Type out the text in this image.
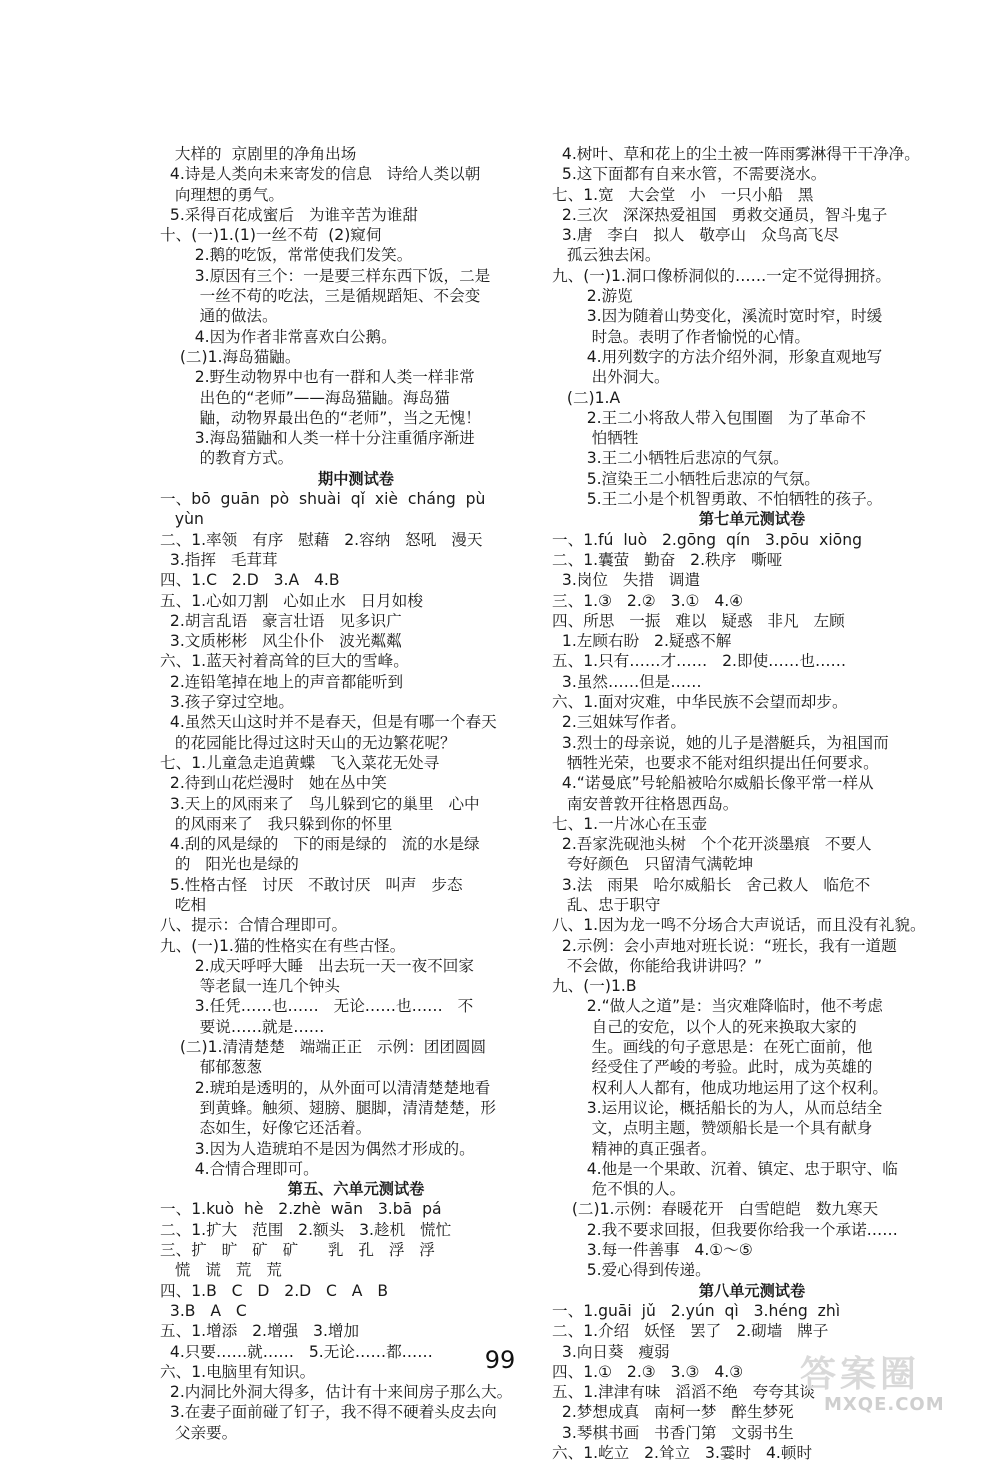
大样的  京剧里的净角出场
4.诗是人类向未来寄发的信息   诗给人类以朝
向理想的勇气。
5.采得百花成蜜后   为谁辛苦为谁甜
十、(一)1.(1)一丝不苟  (2)窥伺
2.鹅的吃饭，常常使我们发笑。
3.原因有三个：一是要三样东西下饭，二是
一丝不苟的吃法，三是循规蹈矩、不会变
通的做法。
4.因为作者非常喜欢白公鹅。
(二)1.海岛猫鼬。
2.野生动物界中也有一群和人类一样非常
出色的“老师”——海岛猫鼬。海岛猫
鼬，动物界最出色的“老师”，当之无愧！
3.海岛猫鼬和人类一样十分注重循序渐进
的教育方式。
期中测试卷
一、bō  guān  pò  shuài  qǐ  xiè  cháng  pù
yùn
二、1.率领   有序   慰藉   2.容纳   怒吼   漫天
3.指挥   毛茸茸
四、1.C   2.D   3.A   4.B
五、1.心如刀割   心如止水   日月如梭
2.胡言乱语   豪言壮语   见多识广
3.文质彬彬   风尘仆仆   波光粼粼
六、1.蓝天衬着高耸的巨大的雪峰。
2.连铅笔掉在地上的声音都能听到
3.孩子穿过空地。
4.虽然天山这时并不是春天，但是有哪一个春天
的花园能比得过这时天山的无边繁花呢？
七、1.儿童急走追黄蝶   飞入菜花无处寻
2.待到山花烂漫时   她在丛中笑
3.天上的风雨来了   鸟儿躲到它的巢里   心中
的风雨来了   我只躲到你的怀里
4.刮的风是绿的   下的雨是绿的   流的水是绿
的   阳光也是绿的
5.性格古怪   讨厌   不敢讨厌   叫声   步态
吃相
八、提示：合情合理即可。
九、(一)1.猫的性格实在有些古怪。
2.成天呼呼大睡   出去玩一天一夜不回家
等老鼠一连几个钟头
3.任凭……也……   无论……也……   不
要说……就是……
(二)1.清清楚楚   端端正正   示例：团团圆圆
郁郁葱葱
2.琥珀是透明的，从外面可以清清楚楚地看
到黄蜂。触须、翅膀、腿脚，清清楚楚，形
态如生，好像它还活着。
3.因为人造琥珀不是因为偶然才形成的。
4.合情合理即可。
第五、六单元测试卷
一、1.kuò  hè   2.zhè  wān   3.bā  pá
二、1.扩大   范围   2.额头   3.趁机   慌忙
三、扩   旷   矿   矿      乳   孔   浮   浮
慌   谎   荒   荒
四、1.B   C   D   2.D   C   A   B
3.B   A   C
五、1.增添   2.增强   3.增加
4.只要……就……   5.无论……都……
六、1.电脑里有知识。
2.内洞比外洞大得多，估计有十来间房子那么大。
3.在妻子面前碰了钉子，我不得不硬着头皮去向
父亲要。
4.树叶、草和花上的尘土被一阵雨雾淋得干干净净。
5.这下面都有自来水管，不需要浇水。
七、1.宽   大会堂   小   一只小船   黑
2.三次   深深热爱祖国   勇救交通员，智斗鬼子
3.唐   李白   拟人   敬亭山   众鸟高飞尽
孤云独去闲。
九、(一)1.洞口像桥洞似的……一定不觉得拥挤。
2.游览
3.因为随着山势变化，溪流时宽时窄，时缓
时急。表明了作者愉悦的心情。
4.用列数字的方法介绍外洞，形象直观地写
出外洞大。
(二)1.A
2.王二小将敌人带入包围圈   为了革命不
怕牺牲
3.王二小牺牲后悲凉的气氛。
5.渲染王二小牺牲后悲凉的气氛。
5.王二小是个机智勇敢、不怕牺牲的孩子。
第七单元测试卷
一、1.fú  luò   2.gōng  qín   3.pōu  xiōng
二、1.囊萤   勤奋   2.秩序   嘶哑
3.岗位   失措   调遣
三、1.③   2.②   3.①   4.④
四、所思   一振   难以   疑惑   非凡   左顾
1.左顾右盼   2.疑惑不解
五、1.只有……才……   2.即使……也……
3.虽然……但是……
六、1.面对灾难，中华民族不会望而却步。
2.三姐妹写作者。
3.烈士的母亲说，她的儿子是潜艇兵，为祖国而
牺牲光荣，也要求不能对组织提出任何要求。
4.“诺曼底”号轮船被哈尔威船长像平常一样从
南安普敦开往格恩西岛。
七、1.一片冰心在玉壶
2.吾家洗砚池头树   个个花开淡墨痕   不要人
夸好颜色   只留清气满乾坤
3.法   雨果   哈尔威船长   舍己救人   临危不
乱、忠于职守
八、1.因为龙一鸣不分场合大声说话，而且没有礼貌。
2.示例：会小声地对班长说：“班长，我有一道题
不会做，你能给我讲讲吗？”
九、(一)1.B
2.“做人之道”是：当灾难降临时，他不考虑
自己的安危，以个人的死来换取大家的
生。画线的句子意思是：在死亡面前，他
经受住了严峻的考验。此时，成为英雄的
权利人人都有，他成功地运用了这个权利。
3.运用议论，概括船长的为人，从而总结全
文，点明主题，赞颂船长是一个具有献身
精神的真正强者。
4.他是一个果敢、沉着、镇定、忠于职守、临
危不惧的人。
(二)1.示例：春暖花开   白雪皑皑   数九寒天
2.我不要求回报，但我要你给我一个承诺……
3.每一件善事   4.①～⑤
5.爱心得到传递。
第八单元测试卷
一、1.guāi  jǔ   2.yún  qì   3.héng  zhì
二、1.介绍   妖怪   罢了   2.砌墙   牌子
3.向日葵   瘦弱
四、1.①   2.③   3.③   4.③
五、1.津津有味   滔滔不绝   夸夸其谈
2.梦想成真   南柯一梦   醉生梦死
3.琴棋书画   书香门第   文弱书生
六、1.屹立   2.耸立   3.霎时   4.顿时
99	答案圈
MXQE.COM
